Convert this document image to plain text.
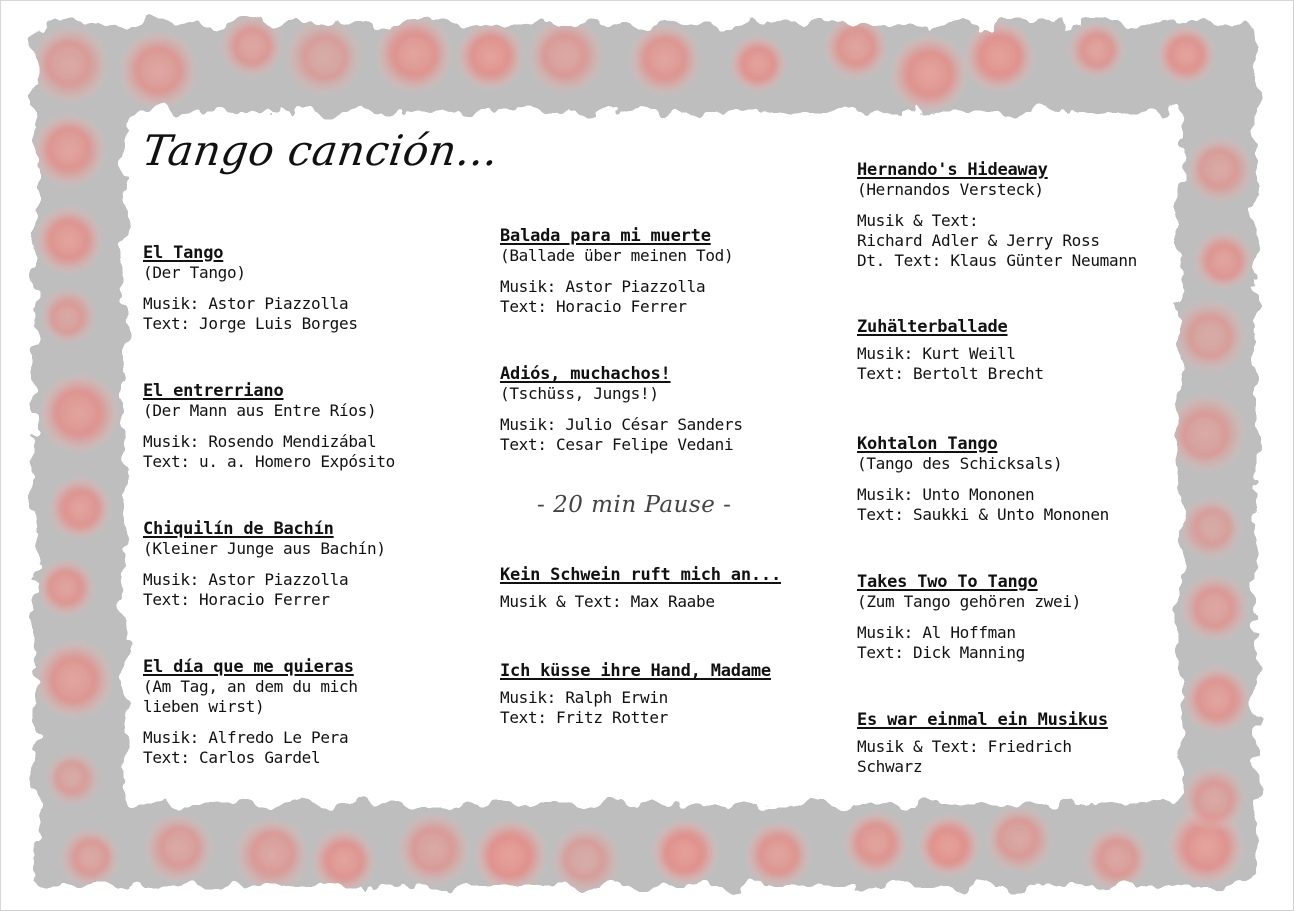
Tango canción...
El Tango
(Der Tango)
Musik: Astor Piazzolla
Text: Jorge Luis Borges
El entrerriano
(Der Mann aus Entre Ríos)
Musik: Rosendo Mendizábal
Text: u. a. Homero Expósito
Chiquilín de Bachín
(Kleiner Junge aus Bachín)
Musik: Astor Piazzolla
Text: Horacio Ferrer
El día que me quieras
(Am Tag, an dem du mich lieben wirst)
Musik: Alfredo Le Pera
Text: Carlos Gardel
Balada para mi muerte
(Ballade über meinen Tod)
Musik: Astor Piazzolla
Text: Horacio Ferrer
Adiós, muchachos!
(Tschüss, Jungs!)
Musik: Julio César Sanders
Text: Cesar Felipe Vedani
- 20 min Pause -
Kein Schwein ruft mich an...
Musik & Text: Max Raabe
Ich küsse ihre Hand, Madame
Musik: Ralph Erwin
Text: Fritz Rotter
Hernando's Hideaway
(Hernandos Versteck)
Musik & Text:
Richard Adler & Jerry Ross
Dt. Text: Klaus Günter Neumann
Zuhälterballade
Musik: Kurt Weill
Text: Bertolt Brecht
Kohtalon Tango
(Tango des Schicksals)
Musik: Unto Mononen
Text: Saukki & Unto Mononen
Takes Two To Tango
(Zum Tango gehören zwei)
Musik: Al Hoffman
Text: Dick Manning
Es war einmal ein Musikus
Musik & Text: Friedrich Schwarz
